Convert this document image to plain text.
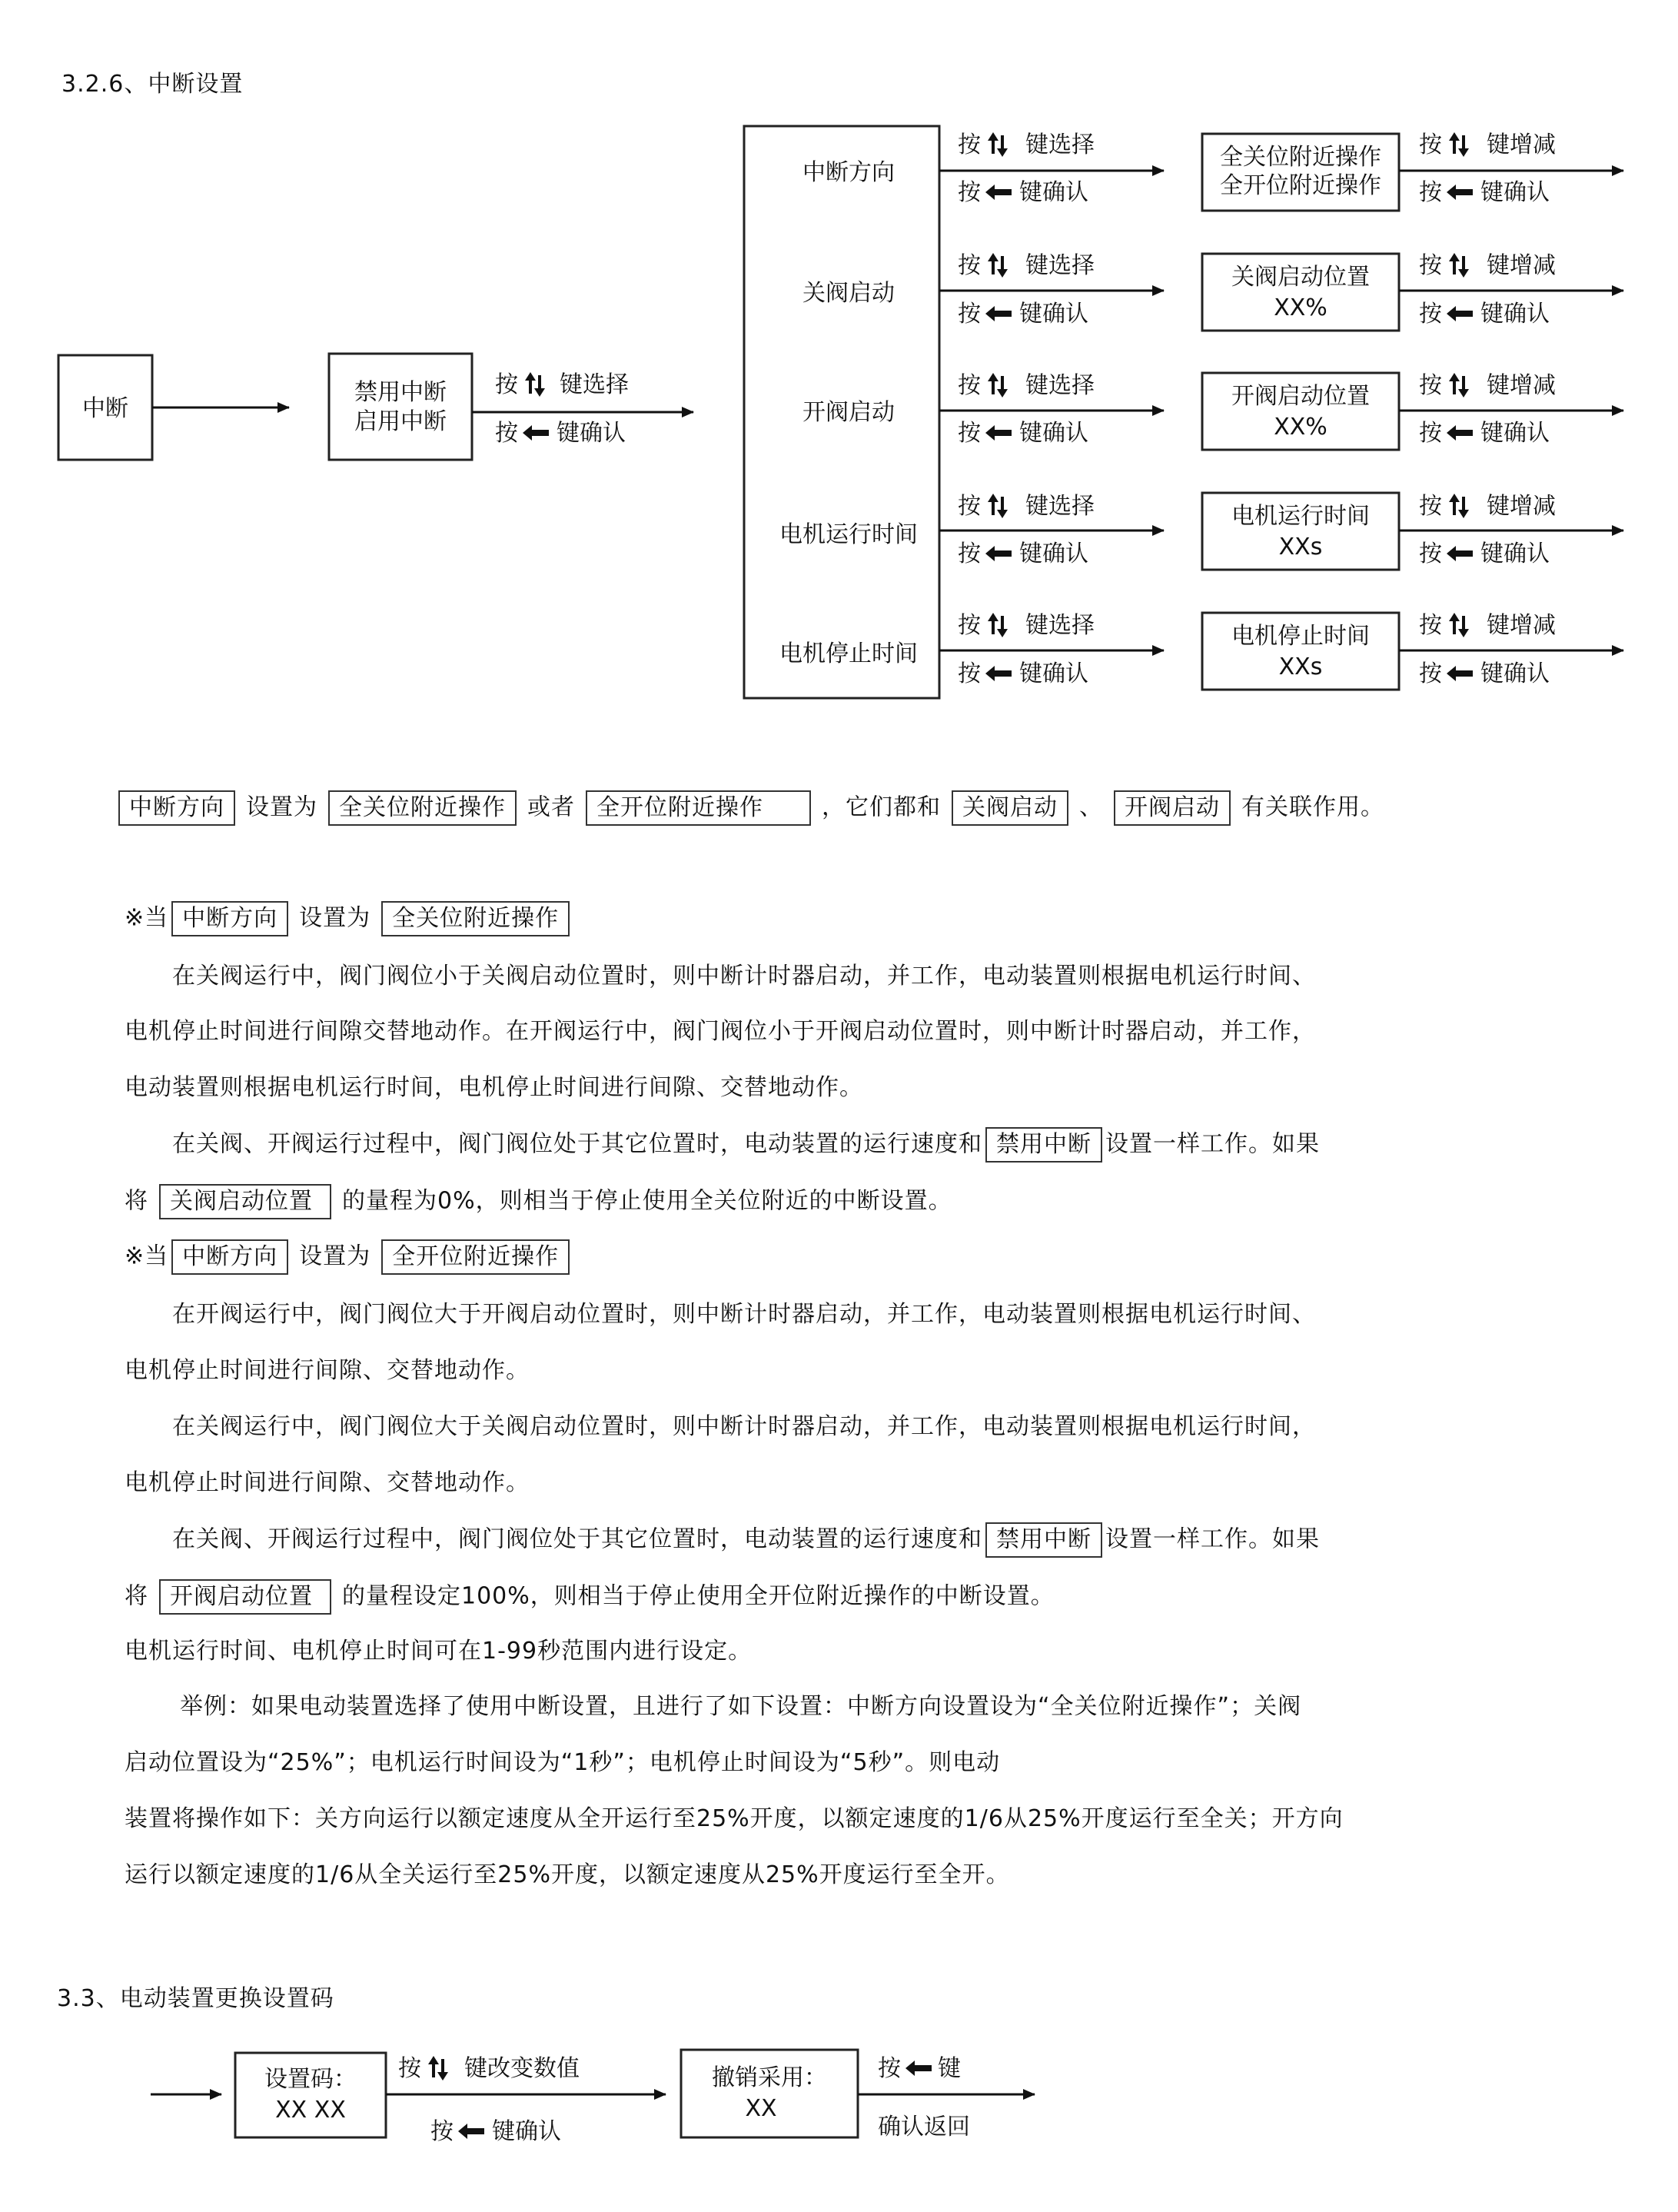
3.2.6、中断设置
中断
禁用中断
启用中断
按 键选择
按 键确认
中断方向
关阀启动
开阀启动
电机运行时间
电机停止时间
按 键选择
按 键确认
按 键选择
按 键确认
按 键选择
按 键确认
按 键选择
按 键确认
按 键选择
按 键确认
全关位附近操作
全开位附近操作
关阀启动位置
XX%
开阀启动位置
XX%
电机运行时间
XXs
电机停止时间
XXs
按 键增减
按 键确认
按 键增减
按 键确认
按 键增减
按 键确认
按 键增减
按 键确认
按 键增减
按 键确认
中断方向 设置为 全关位附近操作 或者 全开位附近操作	，它们都和 关阀启动 、 开阀启动 有关联作用。
※当 中断方向 设置为 全关位附近操作
在关阀运行中，阀门阀位小于关阀启动位置时，则中断计时器启动，并工作，电动装置则根据电机运行时间、
电机停止时间进行间隙交替地动作。在开阀运行中，阀门阀位小于开阀启动位置时，则中断计时器启动，并工作，
电动装置则根据电机运行时间，电机停止时间进行间隙、交替地动作。
在关阀、开阀运行过程中，阀门阀位处于其它位置时，电动装置的运行速度和 禁用中断 设置一样工作。如果
将 关阀启动位置 的量程为0%，则相当于停止使用全关位附近的中断设置。
※当 中断方向 设置为 全开位附近操作
在开阀运行中，阀门阀位大于开阀启动位置时，则中断计时器启动，并工作，电动装置则根据电机运行时间、
电机停止时间进行间隙、交替地动作。
在关阀运行中，阀门阀位大于关阀启动位置时，则中断计时器启动，并工作，电动装置则根据电机运行时间，
电机停止时间进行间隙、交替地动作。
在关阀、开阀运行过程中，阀门阀位处于其它位置时，电动装置的运行速度和 禁用中断 设置一样工作。如果
将 开阀启动位置 的量程设定100%，则相当于停止使用全开位附近操作的中断设置。
电机运行时间、电机停止时间可在1-99秒范围内进行设定。
举例：如果电动装置选择了使用中断设置，且进行了如下设置：中断方向设置设为“全关位附近操作”；关阀
启动位置设为“25%”；电机运行时间设为“1秒”；电机停止时间设为“5秒”。则电动
装置将操作如下：关方向运行以额定速度从全开运行至25%开度，以额定速度的1/6从25%开度运行至全关；开方向
运行以额定速度的1/6从全关运行至25%开度，以额定速度从25%开度运行至全开。
3.3、电动装置更换设置码
设置码：
XX XX
按 键改变数值
按 键确认
撤销采用：
XX
按 键
确认返回
